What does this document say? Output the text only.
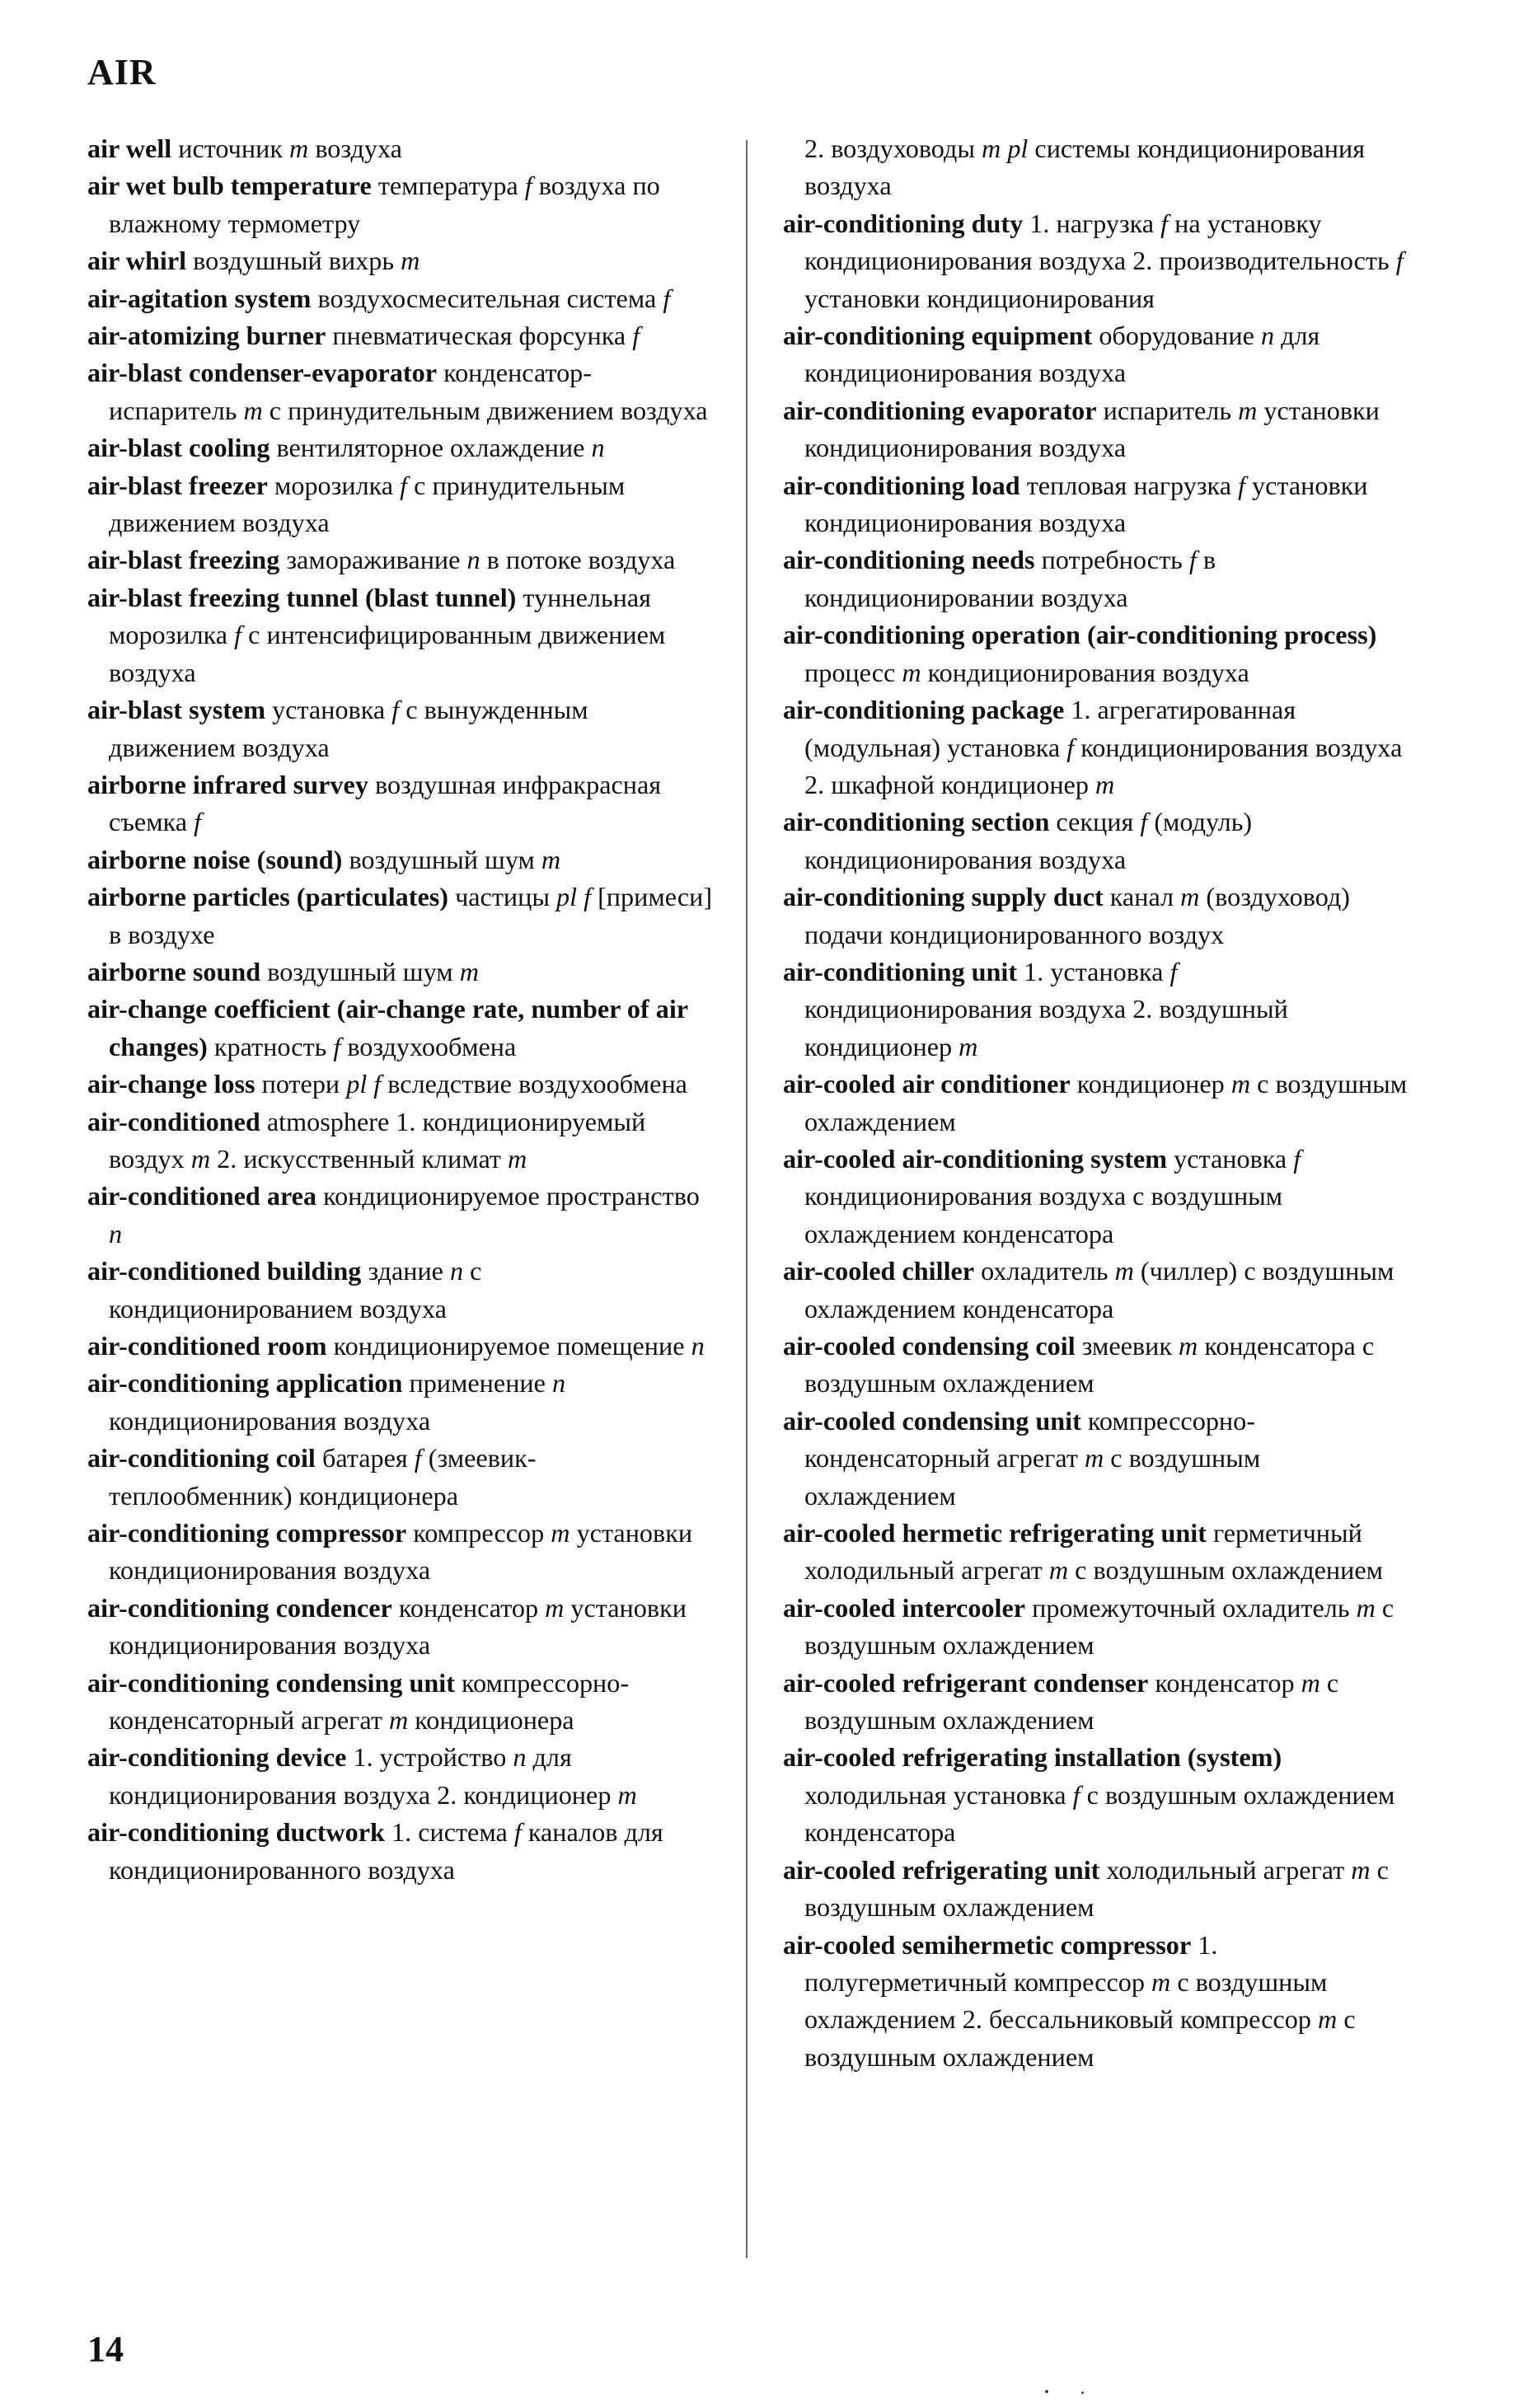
AIR

air well источник m воздуха

air wet bulb temperature температура f воздуха по влажному термометру

air whirl воздушный вихрь m

air-agitation system воздухосмесительная система f

air-atomizing burner пневматическая форсунка f

air-blast condenser-evaporator конденсатор-испаритель m с принудительным движением воздуха

air-blast cooling вентиляторное охлаждение n

air-blast freezer морозилка f с принудительным движением воздуха

air-blast freezing замораживание n в потоке воздуха

air-blast freezing tunnel (blast tunnel) туннельная морозилка f с интенсифицированным движением воздуха

air-blast system установка f с вынужденным движением воздуха

airborne infrared survey воздушная инфракрасная съемка f

airborne noise (sound) воздушный шум m

airborne particles (particulates) частицы pl f [примеси] в воздухе

airborne sound воздушный шум m

air-change coefficient (air-change rate, number of air changes) кратность f воздухообмена

air-change loss потери pl f вследствие воздухообмена

air-conditioned atmosphere 1. кондиционируемый воздух m 2. искусственный климат m

air-conditioned area кондиционируемое пространство n

air-conditioned building здание n с кондиционированием воздуха

air-conditioned room кондиционируемое помещение n

air-conditioning application применение n кондиционирования воздуха

air-conditioning coil батарея f (змеевик-теплообменник) кондиционера

air-conditioning compressor компрессор m установки кондиционирования воздуха

air-conditioning condencer конденсатор m установки кондиционирования воздуха

air-conditioning condensing unit компрессорно-конденсаторный агрегат m кондиционера

air-conditioning device 1. устройство n для кондиционирования воздуха 2. кондиционер m

air-conditioning ductwork 1. система f каналов для кондиционированного воздуха

2. воздуховоды m pl системы кондиционирования воздуха

air-conditioning duty 1. нагрузка f на установку кондиционирования воздуха 2. производительность f установки кондиционирования

air-conditioning equipment оборудование n для кондиционирования воздуха

air-conditioning evaporator испаритель m установки кондиционирования воздуха

air-conditioning load тепловая нагрузка f установки кондиционирования воздуха

air-conditioning needs потребность f в кондиционировании воздуха

air-conditioning operation (air-conditioning process) процесс m кондиционирования воздуха

air-conditioning package 1. агрегатированная (модульная) установка f кондиционирования воздуха 2. шкафной кондиционер m

air-conditioning section секция f (модуль) кондиционирования воздуха

air-conditioning supply duct канал m (воздуховод) подачи кондиционированного воздух

air-conditioning unit 1. установка f кондиционирования воздуха 2. воздушный кондиционер m

air-cooled air conditioner кондиционер m с воздушным охлаждением

air-cooled air-conditioning system установка f кондиционирования воздуха с воздушным охлаждением конденсатора

air-cooled chiller охладитель m (чиллер) с воздушным охлаждением конденсатора

air-cooled condensing coil змеевик m конденсатора с воздушным охлаждением

air-cooled condensing unit компрессорно-конденсаторный агрегат m с воздушным охлаждением

air-cooled hermetic refrigerating unit герметичный холодильный агрегат m с воздушным охлаждением

air-cooled intercooler промежуточный охладитель m с воздушным охлаждением

air-cooled refrigerant condenser конденсатор m с воздушным охлаждением

air-cooled refrigerating installation (system) холодильная установка f с воздушным охлаждением конденсатора

air-cooled refrigerating unit холодильный агрегат m с воздушным охлаждением

air-cooled semihermetic compressor 1. полугерметичный компрессор m с воздушным охлаждением 2. бессальниковый компрессор m с воздушным охлаждением

14
